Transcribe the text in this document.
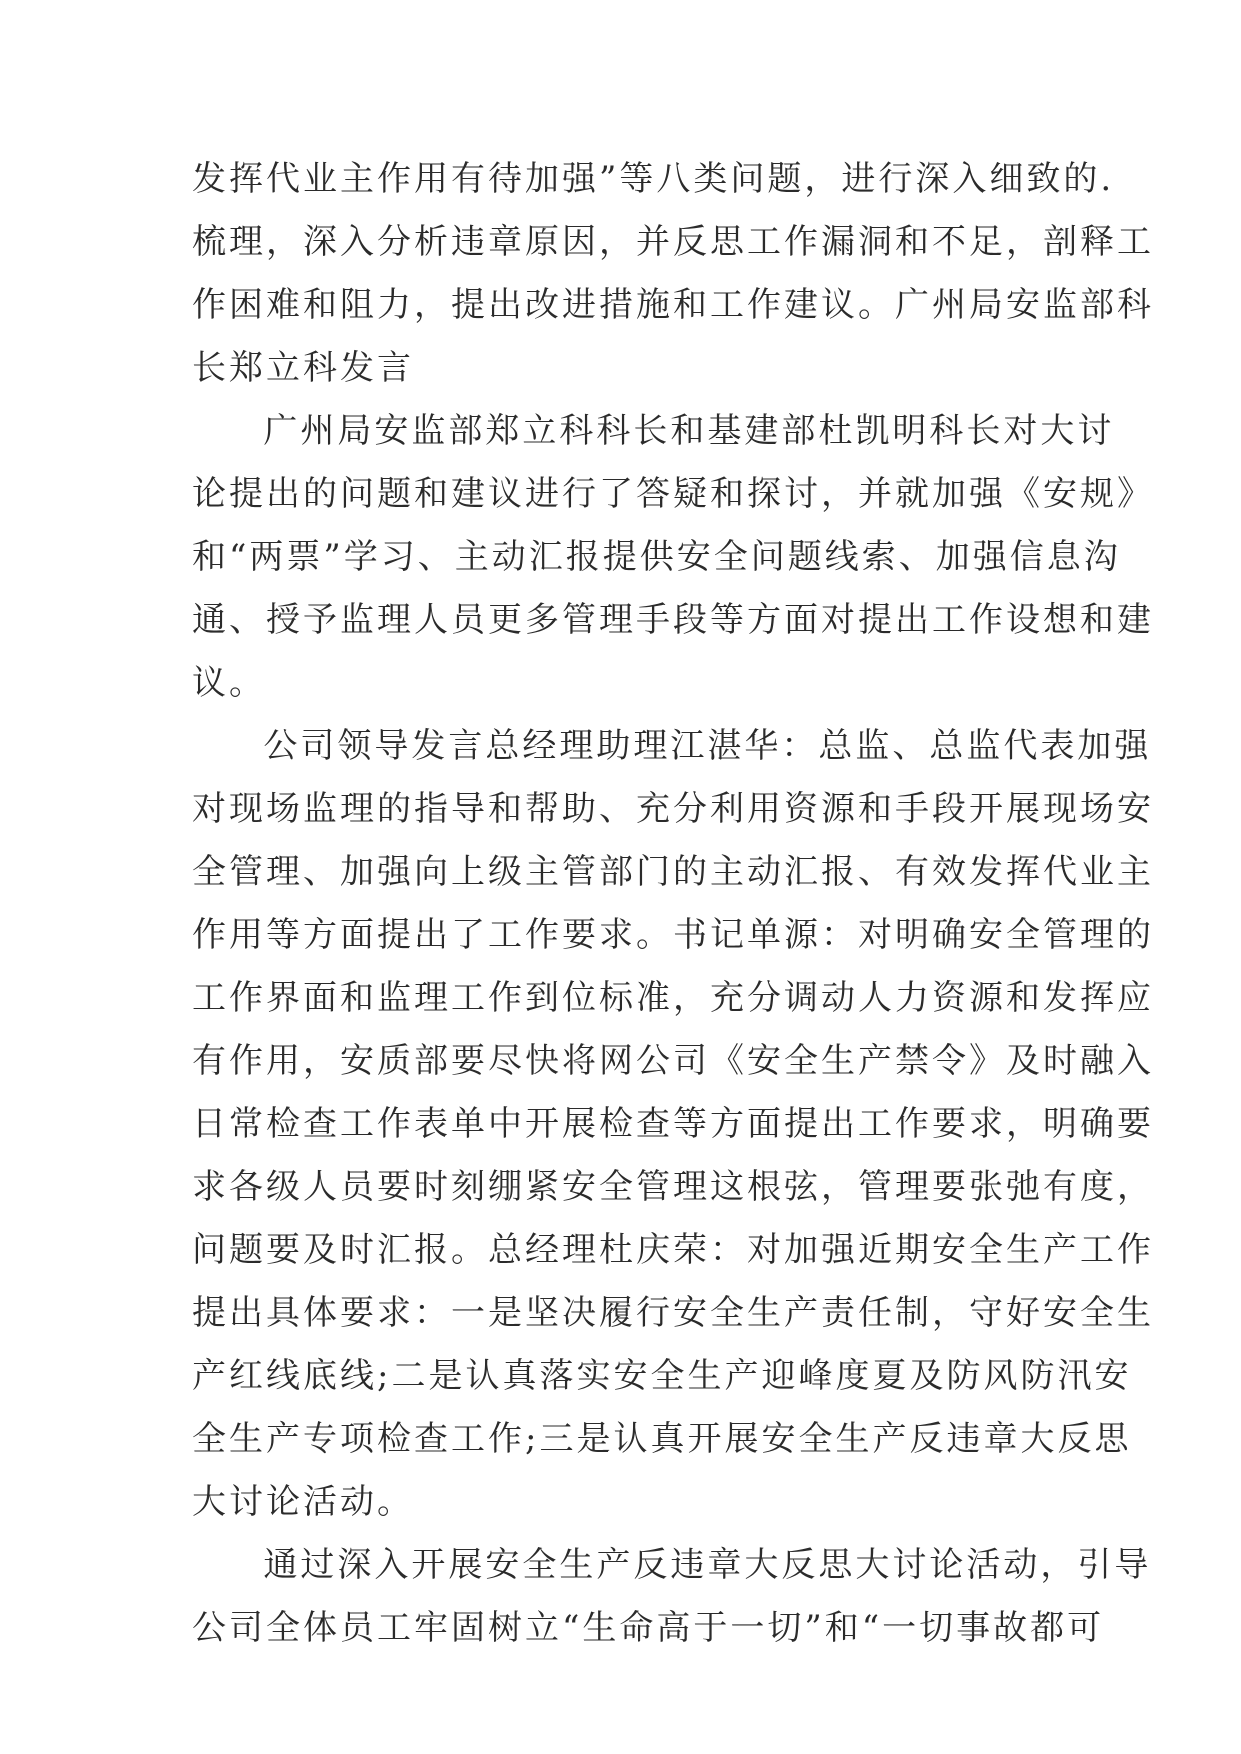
发挥代业主作用有待加强”等八类问题，进行深入细致的.
梳理，深入分析违章原因，并反思工作漏洞和不足，剖释工
作困难和阻力，提出改进措施和工作建议。广州局安监部科
长郑立科发言
广州局安监部郑立科科长和基建部杜凯明科长对大讨
论提出的问题和建议进行了答疑和探讨，并就加强《安规》
和“两票”学习、主动汇报提供安全问题线索、加强信息沟
通、授予监理人员更多管理手段等方面对提出工作设想和建
议。
公司领导发言总经理助理江湛华：总监、总监代表加强
对现场监理的指导和帮助、充分利用资源和手段开展现场安
全管理、加强向上级主管部门的主动汇报、有效发挥代业主
作用等方面提出了工作要求。书记单源：对明确安全管理的
工作界面和监理工作到位标准，充分调动人力资源和发挥应
有作用，安质部要尽快将网公司《安全生产禁令》及时融入
日常检查工作表单中开展检查等方面提出工作要求，明确要
求各级人员要时刻绷紧安全管理这根弦，管理要张弛有度，
问题要及时汇报。总经理杜庆荣：对加强近期安全生产工作
提出具体要求：一是坚决履行安全生产责任制，守好安全生
产红线底线;二是认真落实安全生产迎峰度夏及防风防汛安
全生产专项检查工作;三是认真开展安全生产反违章大反思
大讨论活动。
通过深入开展安全生产反违章大反思大讨论活动，引导
公司全体员工牢固树立“生命高于一切”和“一切事故都可
